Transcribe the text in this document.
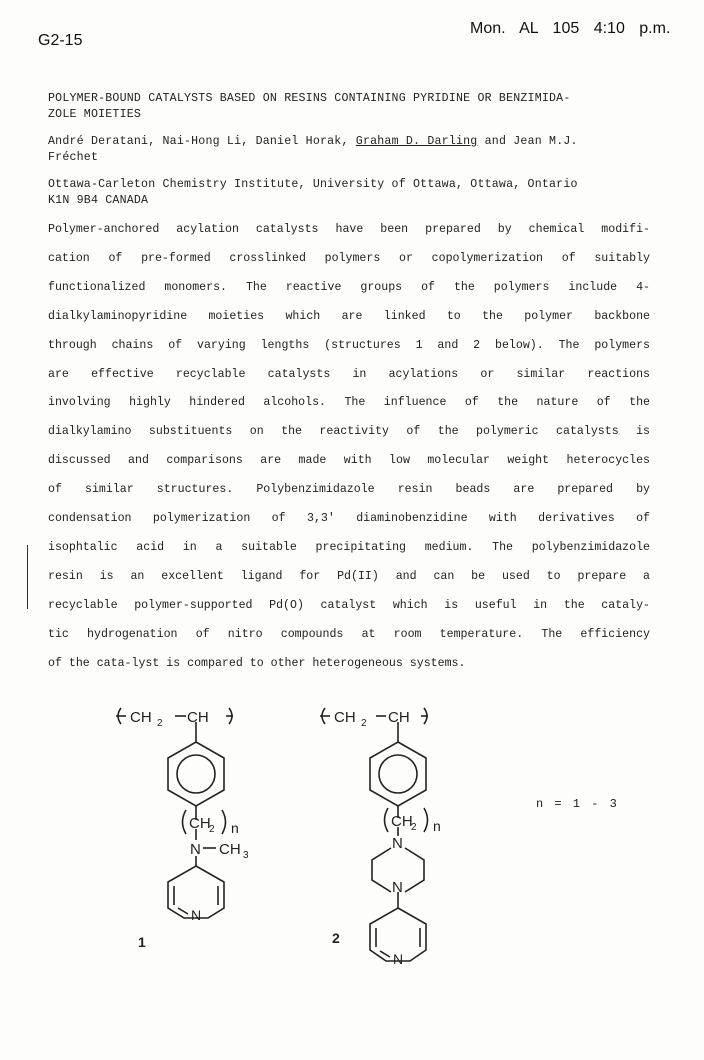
G2-15
Mon. AL 105 4:10 p.m.
POLYMER-BOUND CATALYSTS BASED ON RESINS CONTAINING PYRIDINE OR BENZIMIDA-
ZOLE MOIETIES
André Deratani, Nai-Hong Li, Daniel Horak, Graham D. Darling and Jean M.J.
Fréchet
Ottawa-Carleton Chemistry Institute, University of Ottawa, Ottawa, Ontario
K1N 9B4 CANADA
Polymer-anchored acylation catalysts have been prepared by chemical modifi-
cation of pre-formed crosslinked polymers or copolymerization of suitably
functionalized monomers. The reactive groups of the polymers include 4-
dialkylaminopyridine moieties which are linked to the polymer backbone
through chains of varying lengths (structures 1 and 2 below). The polymers
are effective recyclable catalysts in acylations or similar reactions
involving highly hindered alcohols. The influence of the nature of the
dialkylamino substituents on the reactivity of the polymeric catalysts is
discussed and comparisons are made with low molecular weight heterocycles
of similar structures. Polybenzimidazole resin beads are prepared by
condensation polymerization of 3,3' diaminobenzidine with derivatives of
isophtalic acid in a suitable precipitating medium. The polybenzimidazole
resin is an excellent ligand for Pd(II) and can be used to prepare a
recyclable polymer-supported Pd(O) catalyst which is useful in the cataly-
tic hydrogenation of nitro compounds at room temperature. The efficiency
of the cata-lyst is compared to other heterogeneous systems.
CH 2 CH
CH
2 n
N CH 3
N
CH 2 CH
CH
2 n
N
N
N
1	2
n = 1 - 3
